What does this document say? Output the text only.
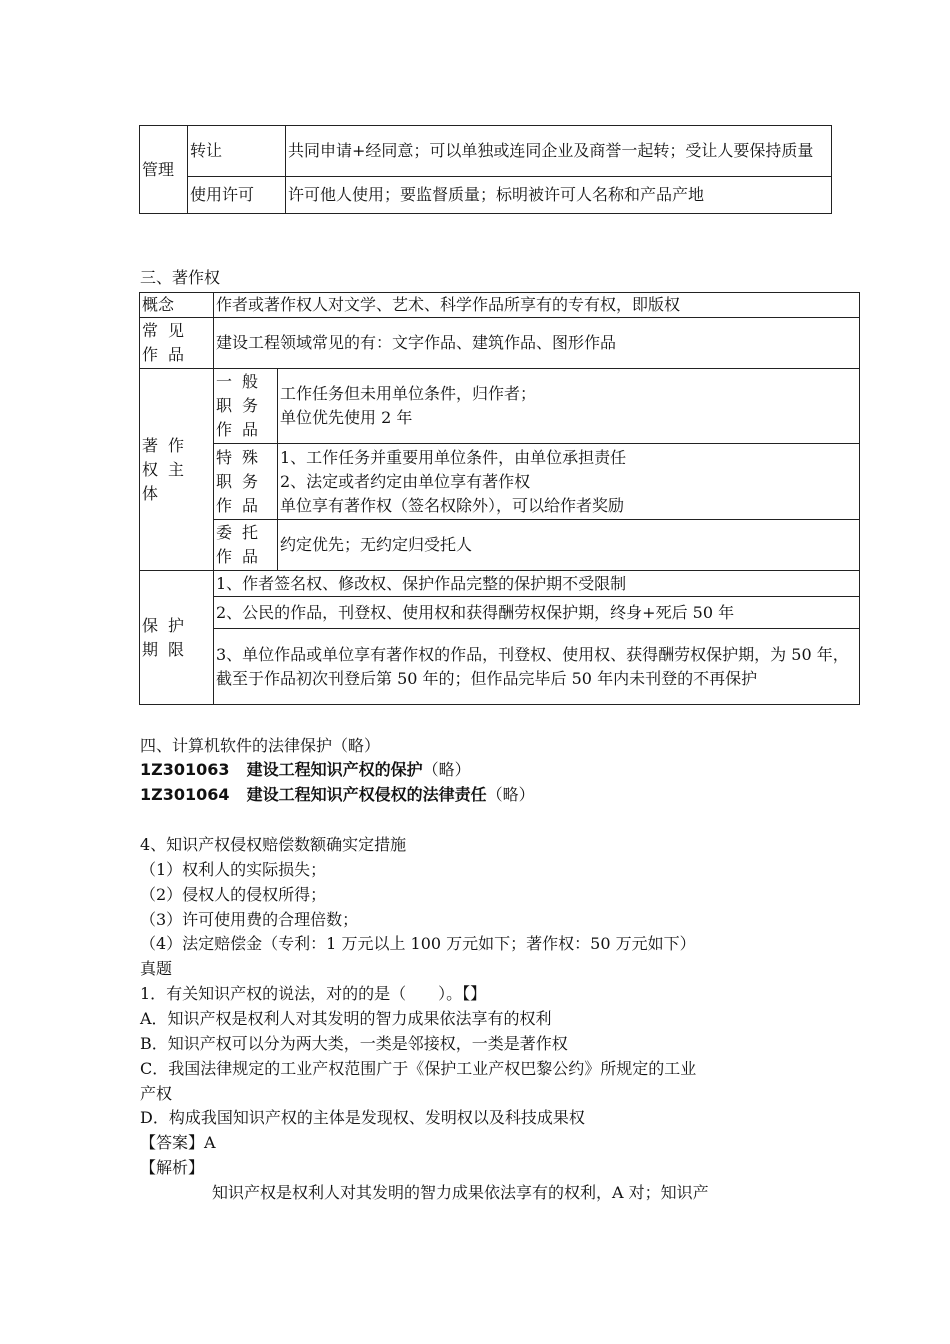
管理	转让	共同申请+经同意；可以单独或连同企业及商誉一起转；受让人要保持质量
	使用许可	许可他人使用；要监督质量；标明被许可人名称和产品产地
三、著作权
概念	作者或著作权人对文学、艺术、科学作品所享有的专有权，即版权	
常见作品	建设工程领域常见的有：文字作品、建筑作品、图形作品	
著作权主体	一般职务作品	工作任务但未用单位条件，归作者；
单位优先使用 2 年

	特殊职务作品	1、工作任务并重要用单位条件，由单位承担责任
2、法定或者约定由单位享有著作权
单位享有著作权（签名权除外），可以给作者奖励

	委托作品	约定优先；无约定归受托人
保护期限	1、作者签名权、修改权、保护作品完整的保护期不受限制	
	2、公民的作品，刊登权、使用权和获得酬劳权保护期，终身+死后 50 年	
	3、单位作品或单位享有著作权的作品，刊登权、使用权、获得酬劳权保护期，为 50 年，截至于作品初次刊登后第 50 年的；但作品完毕后 50 年内未刊登的不再保护	
四、计算机软件的法律保护（略）
1Z301063 建设工程知识产权的保护（略）
1Z301064 建设工程知识产权侵权的法律责任（略）
4、知识产权侵权赔偿数额确实定措施
（1）权利人的实际损失；
（2）侵权人的侵权所得；
（3）许可使用费的合理倍数；
（4）法定赔偿金（专利：1 万元以上 100 万元如下；著作权：50 万元如下）
真题
1．有关知识产权的说法，对的的是（　　）。【】
A．知识产权是权利人对其发明的智力成果依法享有的权利
B．知识产权可以分为两大类，一类是邻接权，一类是著作权
C．我国法律规定的工业产权范围广于《保护工业产权巴黎公约》所规定的工业
产权
D．构成我国知识产权的主体是发现权、发明权以及科技成果权
【答案】A
【解析】
知识产权是权利人对其发明的智力成果依法享有的权利，A 对；知识产
